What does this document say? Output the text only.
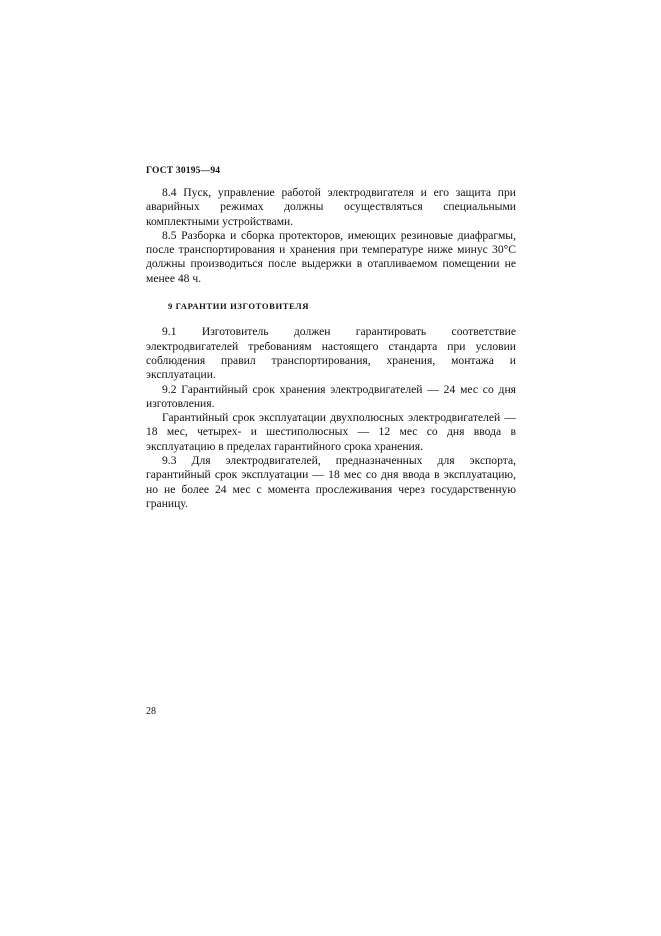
ГОСТ 30195—94

8.4 Пуск, управление работой электродвигателя и его защита при аварийных режимах должны осуществляться специальными комплектными устройствами.

8.5 Разборка и сборка протекторов, имеющих резиновые диафрагмы, после транспортирования и хранения при температуре ниже минус 30°С должны производиться после выдержки в отапливаемом помещении не менее 48 ч.

9 ГАРАНТИИ ИЗГОТОВИТЕЛЯ

9.1 Изготовитель должен гарантировать соответствие электродвигателей требованиям настоящего стандарта при условии соблюдения правил транспортирования, хранения, монтажа и эксплуатации.

9.2 Гарантийный срок хранения электродвигателей — 24 мес со дня изготовления.

Гарантийный срок эксплуатации двухполюсных электродвигателей — 18 мес, четырех- и шестиполюсных — 12 мес со дня ввода в эксплуатацию в пределах гарантийного срока хранения.

9.3 Для электродвигателей, предназначенных для экспорта, гарантийный срок эксплуатации — 18 мес со дня ввода в эксплуатацию, но не более 24 мес с момента прослеживания через государственную границу.

28
